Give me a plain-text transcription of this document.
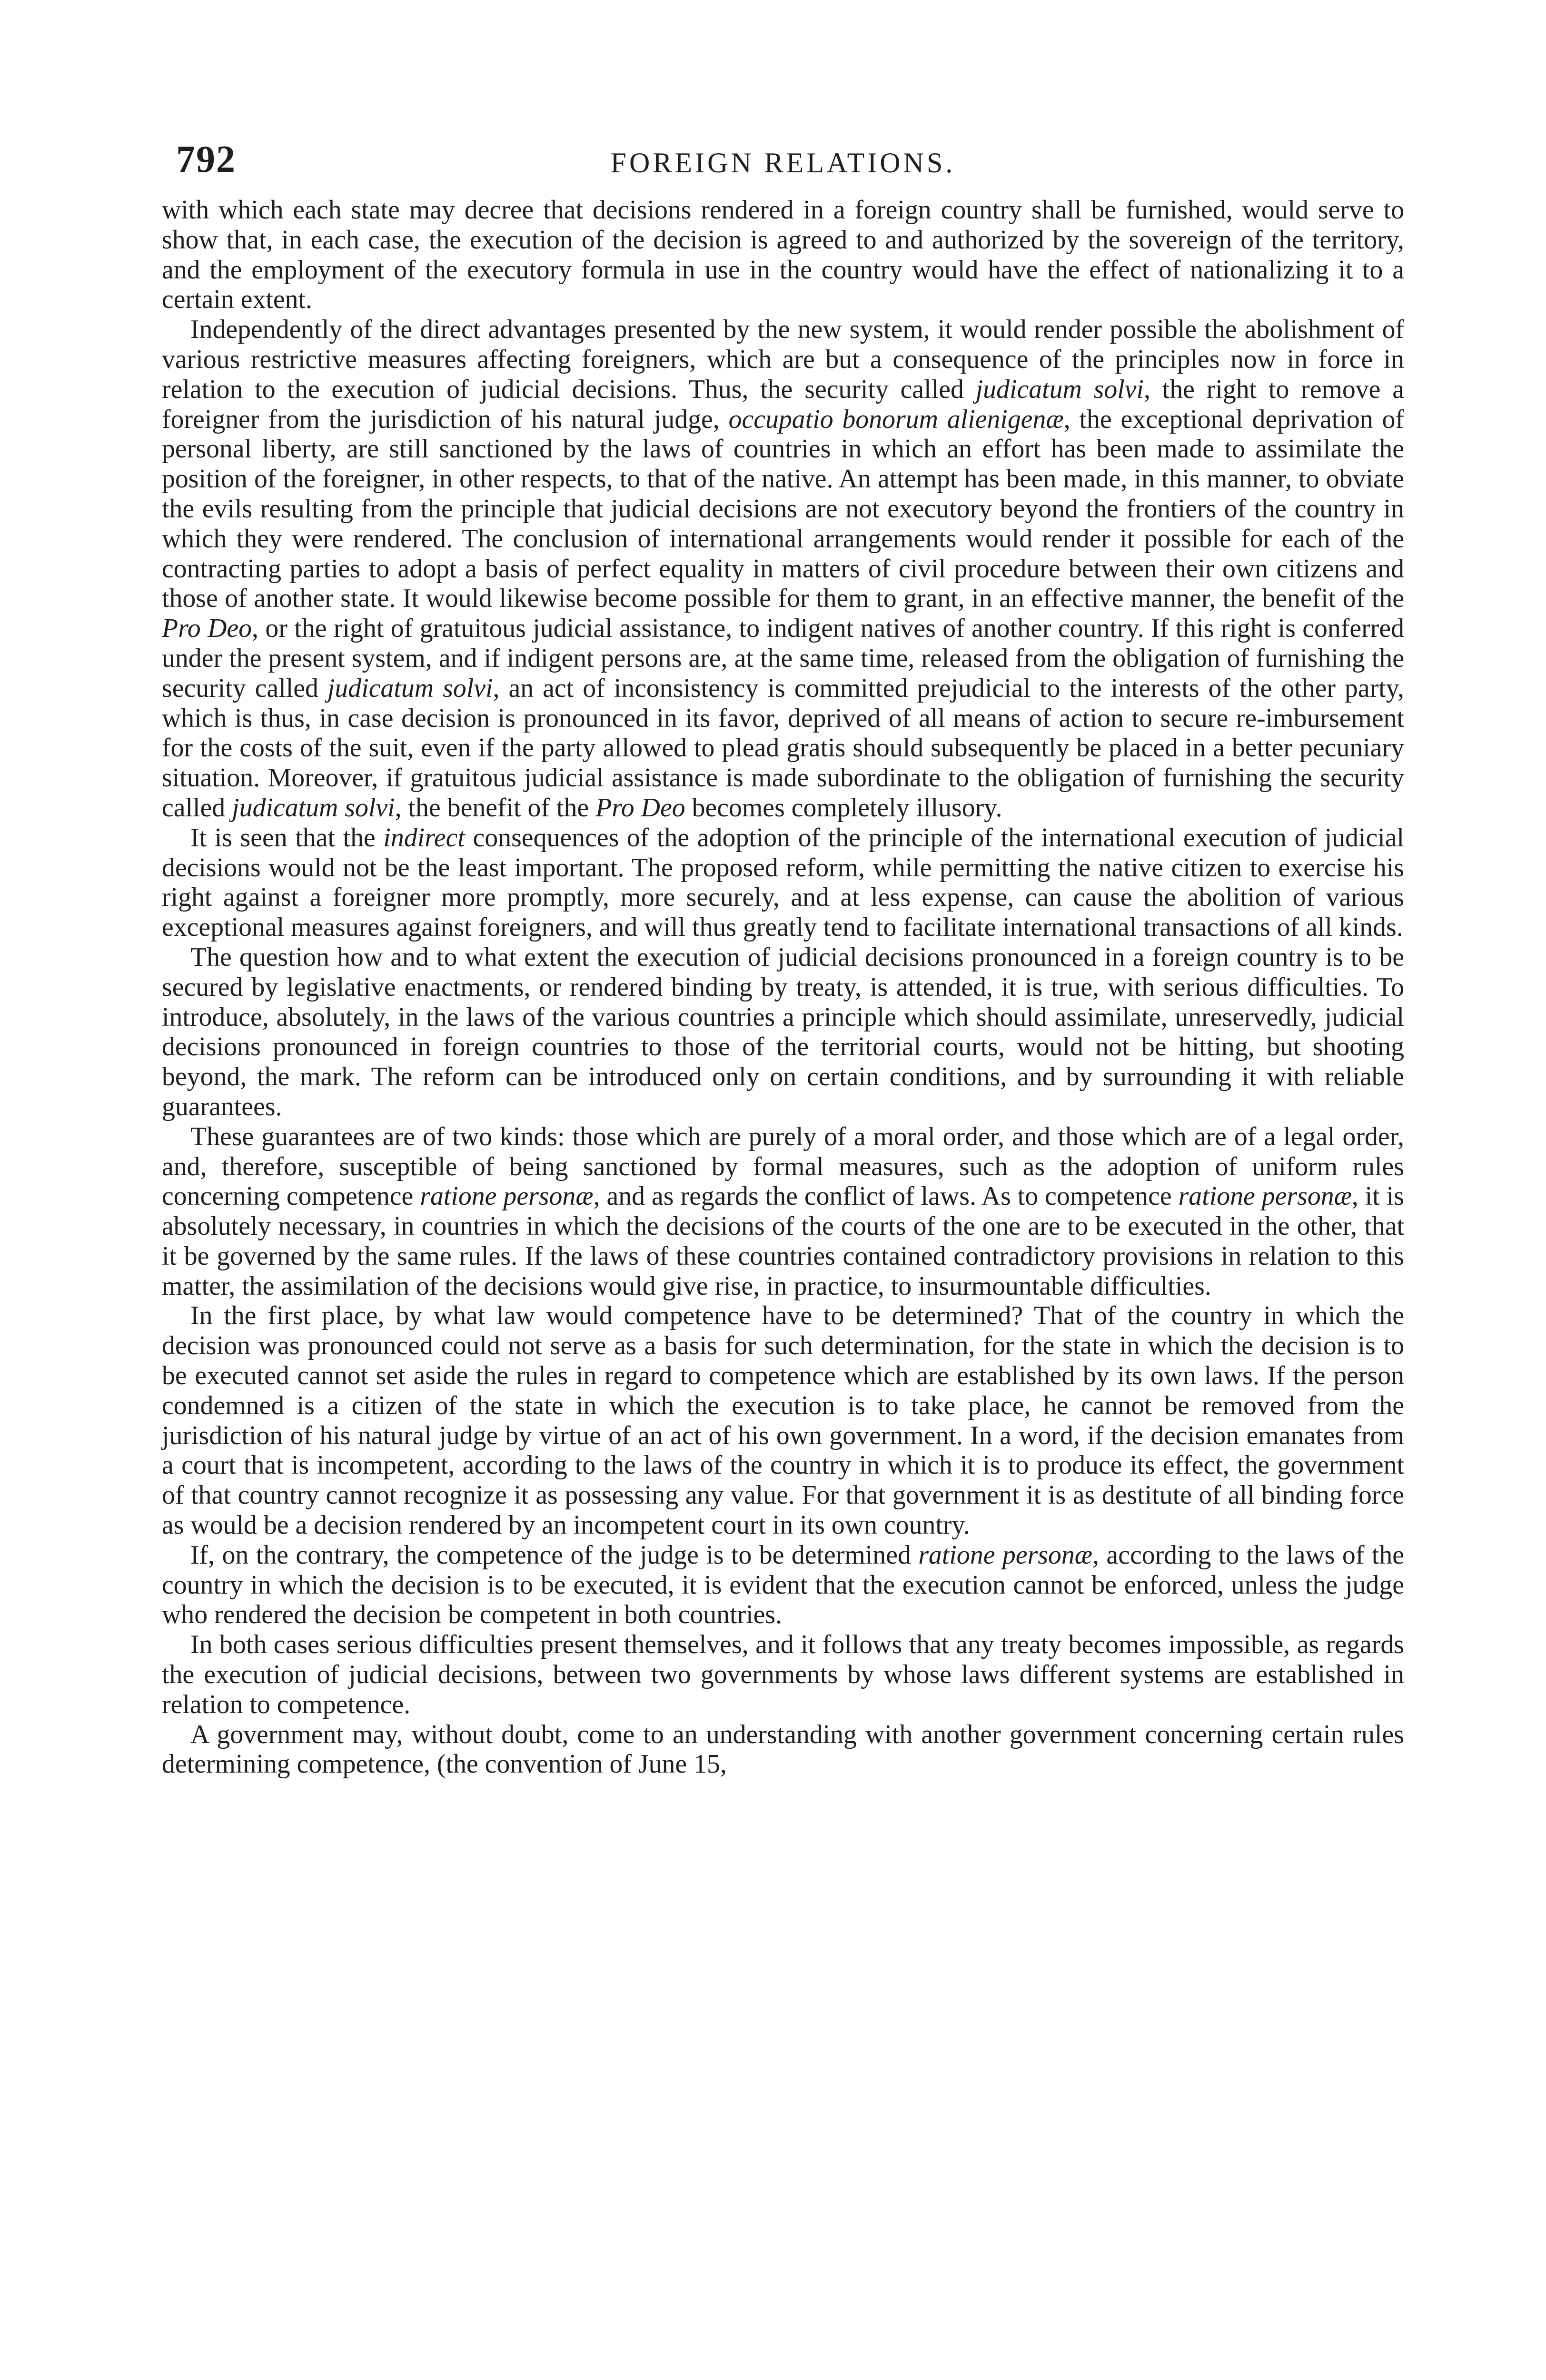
792	FOREIGN RELATIONS.

with which each state may decree that decisions rendered in a foreign country shall be furnished, would serve to show that, in each case, the execution of the decision is agreed to and authorized by the sovereign of the territory, and the employment of the executory formula in use in the country would have the effect of nationalizing it to a certain extent.

Independently of the direct advantages presented by the new system, it would render possible the abolishment of various restrictive measures affecting foreigners, which are but a consequence of the principles now in force in relation to the execution of judicial decisions. Thus, the security called judicatum solvi, the right to remove a foreigner from the jurisdiction of his natural judge, occupatio bonorum alienigenæ, the exceptional deprivation of personal liberty, are still sanctioned by the laws of countries in which an effort has been made to assimilate the position of the foreigner, in other respects, to that of the native. An attempt has been made, in this manner, to obviate the evils resulting from the principle that judicial decisions are not executory beyond the frontiers of the country in which they were rendered. The conclusion of international arrangements would render it possible for each of the contracting parties to adopt a basis of perfect equality in matters of civil procedure between their own citizens and those of another state. It would likewise become possible for them to grant, in an effective manner, the benefit of the Pro Deo, or the right of gratuitous judicial assistance, to indigent natives of another country. If this right is conferred under the present system, and if indigent persons are, at the same time, released from the obligation of furnishing the security called judicatum solvi, an act of inconsistency is committed prejudicial to the interests of the other party, which is thus, in case decision is pronounced in its favor, deprived of all means of action to secure re-imbursement for the costs of the suit, even if the party allowed to plead gratis should subsequently be placed in a better pecuniary situation. Moreover, if gratuitous judicial assistance is made subordinate to the obligation of furnishing the security called judicatum solvi, the benefit of the Pro Deo becomes completely illusory.

It is seen that the indirect consequences of the adoption of the principle of the international execution of judicial decisions would not be the least important. The proposed reform, while permitting the native citizen to exercise his right against a foreigner more promptly, more securely, and at less expense, can cause the abolition of various exceptional measures against foreigners, and will thus greatly tend to facilitate international transactions of all kinds.

The question how and to what extent the execution of judicial decisions pronounced in a foreign country is to be secured by legislative enactments, or rendered binding by treaty, is attended, it is true, with serious difficulties. To introduce, absolutely, in the laws of the various countries a principle which should assimilate, unreservedly, judicial decisions pronounced in foreign countries to those of the territorial courts, would not be hitting, but shooting beyond, the mark. The reform can be introduced only on certain conditions, and by surrounding it with reliable guarantees.

These guarantees are of two kinds: those which are purely of a moral order, and those which are of a legal order, and, therefore, susceptible of being sanctioned by formal measures, such as the adoption of uniform rules concerning competence ratione personæ, and as regards the conflict of laws. As to competence ratione personæ, it is absolutely necessary, in countries in which the decisions of the courts of the one are to be executed in the other, that it be governed by the same rules. If the laws of these countries contained contradictory provisions in relation to this matter, the assimilation of the decisions would give rise, in practice, to insurmountable difficulties.

In the first place, by what law would competence have to be determined? That of the country in which the decision was pronounced could not serve as a basis for such determination, for the state in which the decision is to be executed cannot set aside the rules in regard to competence which are established by its own laws. If the person condemned is a citizen of the state in which the execution is to take place, he cannot be removed from the jurisdiction of his natural judge by virtue of an act of his own government. In a word, if the decision emanates from a court that is incompetent, according to the laws of the country in which it is to produce its effect, the government of that country cannot recognize it as possessing any value. For that government it is as destitute of all binding force as would be a decision rendered by an incompetent court in its own country.

If, on the contrary, the competence of the judge is to be determined ratione personæ, according to the laws of the country in which the decision is to be executed, it is evident that the execution cannot be enforced, unless the judge who rendered the decision be competent in both countries.

In both cases serious difficulties present themselves, and it follows that any treaty becomes impossible, as regards the execution of judicial decisions, between two governments by whose laws different systems are established in relation to competence.

A government may, without doubt, come to an understanding with another government concerning certain rules determining competence, (the convention of June 15,
